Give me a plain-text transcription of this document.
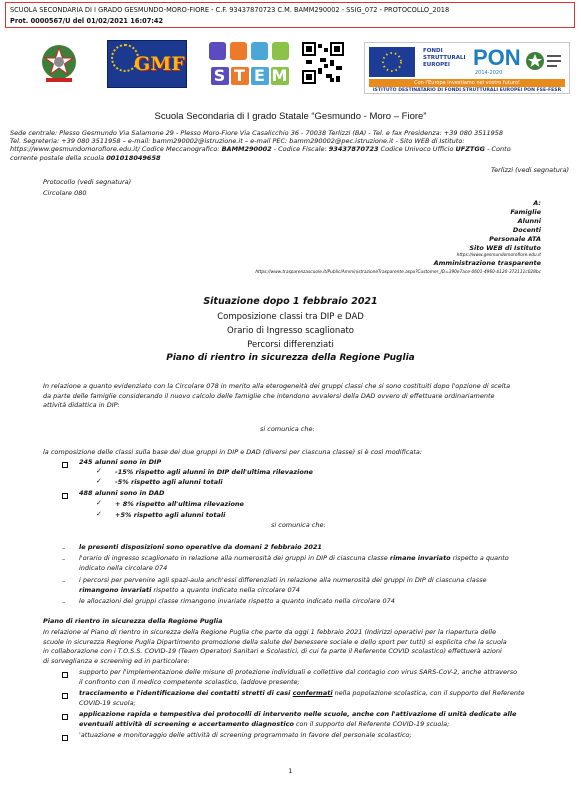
SCUOLA SECONDARIA DI I GRADO GESMUNDO-MORO-FIORE - C.F. 93437870723 C.M. BAMM290002 - SSIG_072 - PROTOCOLLO_2018
Prot. 0000567/U del 01/02/2021 16:07:42
GMF
S T E M
FONDI STRUTTURALI EUROPEI	PON
2014-2020
Con l'Europa investiamo nel vostro futuro!
ISTITUTO DESTINATARIO DI FONDI STRUTTURALI EUROPEI PON FSE-FESR
Scuola Secondaria di I grado Statale “Gesmundo - Moro – Fiore”
Sede centrale: Plesso Gesmundo Via Salamone 29 - Plesso Moro-Fiore Via Casalicchio 36 - 70038 Terlizzi (BA) - Tel. e fax Presidenza: +39 080 3511958
Tel. Segreteria: +39 080 3511958 – e-mail: bamm290002@istruzione.it – e-mail PEC: bamm290002@pec.istruzione.it - Sito WEB di Istituto:
https://www.gesmundomorofiore.edu.it/ Codice Meccanografico: BAMM290002 - Codice Fiscale: 93437870723 Codice Univoco Ufficio UFZTGG - Conto
corrente postale della scuola 001018049658
Terlizzi (vedi segnatura)
Protocollo (vedi segnatura)
Circolare 080
A:
Famiglie
Alunni
Docenti
Personale ATA
Sito WEB di Istituto
https://www.gesmundomorofiore.edu.it
Amministrazione trasparente
https://www.trasparenzascuole.it/Public/AmministrazioneTrasparente.aspx?Customer_ID=390e7ace-0601-4960-b120-372111c028bc
Situazione dopo 1 febbraio 2021
Composizione classi tra DIP e DAD
Orario di Ingresso scaglionato
Percorsi differenziati
Piano di rientro in sicurezza della Regione Puglia
In relazione a quanto evidenziato con la Circolare 078 in merito alla eterogeneità dei gruppi classi che si sono costituiti dopo l'opzione di scelta
da parte delle famiglie considerando il nuovo calcolo delle famiglie che intendono avvalersi della DAD ovvero di effettuare ordinariamente
attività didattica in DIP:
si comunica che:
la composizione delle classi sulla base dei due gruppi in DIP e DAD (diversi per ciascuna classe) si è così modificata:
245 alunni sono in DIP
✓ -15% rispetto agli alunni in DIP dell'ultima rilevazione
✓ -5% rispetto agli alunni totali
488 alunni sono in DAD
✓ + 8% rispetto all'ultima rilevazione
✓ +5% rispetto agli alunni totali
si comunica che:
– le presenti disposizioni sono operative da domani 2 febbraio 2021
– l'orario di ingresso scaglionato in relazione alla numerosità dei gruppi in DIP di ciascuna classe rimane invariato rispetto a quanto
indicato nella circolare 074
– i percorsi per pervenire agli spazi-aula anch'essi differenziati in relazione alla numerosità dei gruppi in DIP di ciascuna classe
rimangono invariati rispetto a quanto indicato nella circolare 074
– le allocazioni dei gruppi classe rimangono invariate rispetto a quanto indicato nella circolare 074
Piano di rientro in sicurezza della Regione Puglia
In relazione al Piano di rientro in sicurezza della Regione Puglia che parte da oggi 1 febbraio 2021 (Indirizzi operativi per la riapertura delle
scuole in sicurezza Regione Puglia Dipartimento promozione della salute del benessere sociale e dello sport per tutti) si esplicita che la scuola
in collaborazione con i T.O.S.S. COVID-19 (Team Operatori Sanitari e Scolastici, di cui fa parte il Referente COVID scolastico) effettuerà azioni
di sorveglianza e screening ed in particolare:
supporto per l'implementazione delle misure di protezione individuali e collettive dal contagio con virus SARS-CoV-2, anche attraverso
il confronto con il medico competente scolastico, laddove presente;
tracciamento e l'identificazione dei contatti stretti di casi confermati nella popolazione scolastica, con il supporto del Referente
COVID-19 scuola;
applicazione rapida e tempestiva dei protocolli di intervento nelle scuole, anche con l'attivazione di unità dedicate alle
eventuali attività di screening e accertamento diagnostico con il supporto del Referente COVID-19 scuola;
'attuazione e monitoraggio delle attività di screening programmato in favore del personale scolastico;
1
